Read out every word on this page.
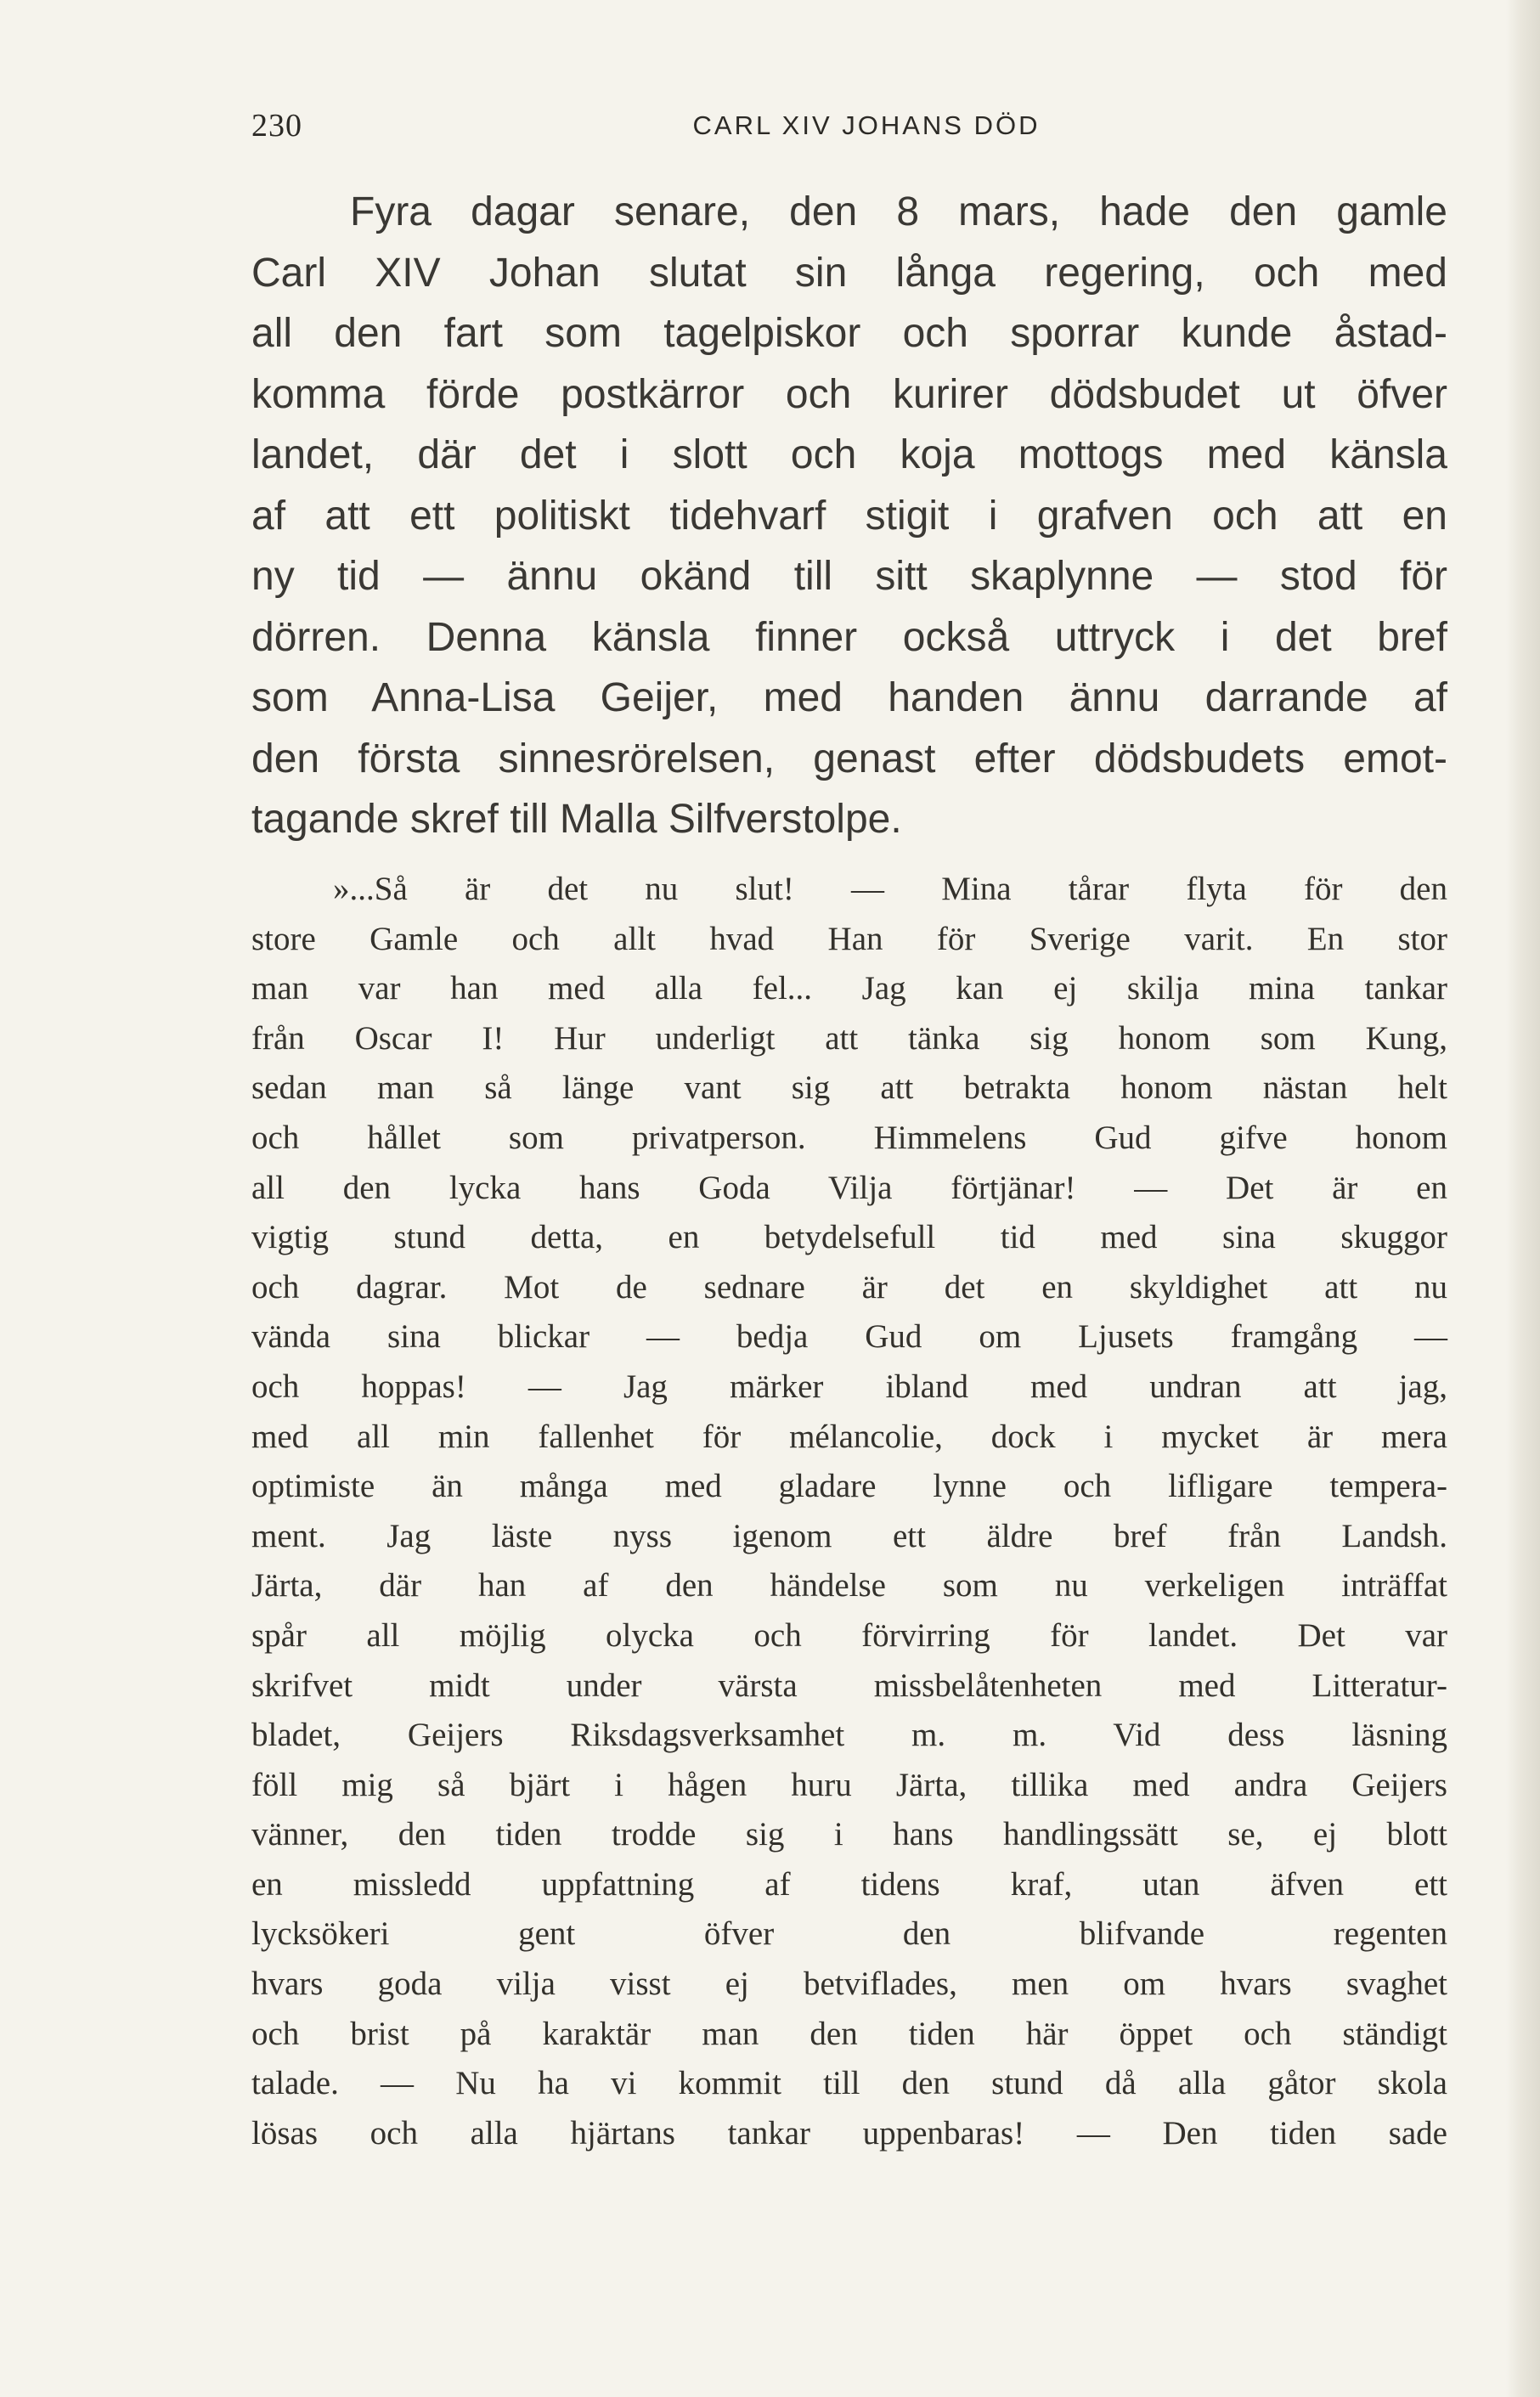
230	CARL XIV JOHANS DÖD
Fyra dagar senare, den 8 mars, hade den gamle
Carl XIV Johan slutat sin långa regering, och med
all den fart som tagelpiskor och sporrar kunde åstad-
komma förde postkärror och kurirer dödsbudet ut öfver
landet, där det i slott och koja mottogs med känsla
af att ett politiskt tidehvarf stigit i grafven och att en
ny tid — ännu okänd till sitt skaplynne — stod för
dörren. Denna känsla finner också uttryck i det bref
som Anna-Lisa Geijer, med handen ännu darrande af
den första sinnesrörelsen, genast efter dödsbudets emot-
tagande skref till Malla Silfverstolpe.
»...Så är det nu slut! — Mina tårar flyta för den
store Gamle och allt hvad Han för Sverige varit. En stor
man var han med alla fel... Jag kan ej skilja mina tankar
från Oscar I! Hur underligt att tänka sig honom som Kung,
sedan man så länge vant sig att betrakta honom nästan helt
och hållet som privatperson. Himmelens Gud gifve honom
all den lycka hans Goda Vilja förtjänar! — Det är en
vigtig stund detta, en betydelsefull tid med sina skuggor
och dagrar. Mot de sednare är det en skyldighet att nu
vända sina blickar — bedja Gud om Ljusets framgång —
och hoppas! — Jag märker ibland med undran att jag,
med all min fallenhet för mélancolie, dock i mycket är mera
optimiste än många med gladare lynne och lifligare tempera-
ment. Jag läste nyss igenom ett äldre bref från Landsh.
Järta, där han af den händelse som nu verkeligen inträffat
spår all möjlig olycka och förvirring för landet. Det var
skrifvet midt under värsta missbelåtenheten med Litteratur-
bladet, Geijers Riksdagsverksamhet m. m. Vid dess läsning
föll mig så bjärt i hågen huru Järta, tillika med andra Geijers
vänner, den tiden trodde sig i hans handlingssätt se, ej blott
en missledd uppfattning af tidens kraf, utan äfven ett
lycksökeri gent öfver den blifvande regenten
hvars goda vilja visst ej betviflades, men om hvars svaghet
och brist på karaktär man den tiden här öppet och ständigt
talade. — Nu ha vi kommit till den stund då alla gåtor skola
lösas och alla hjärtans tankar uppenbaras! — Den tiden sade
